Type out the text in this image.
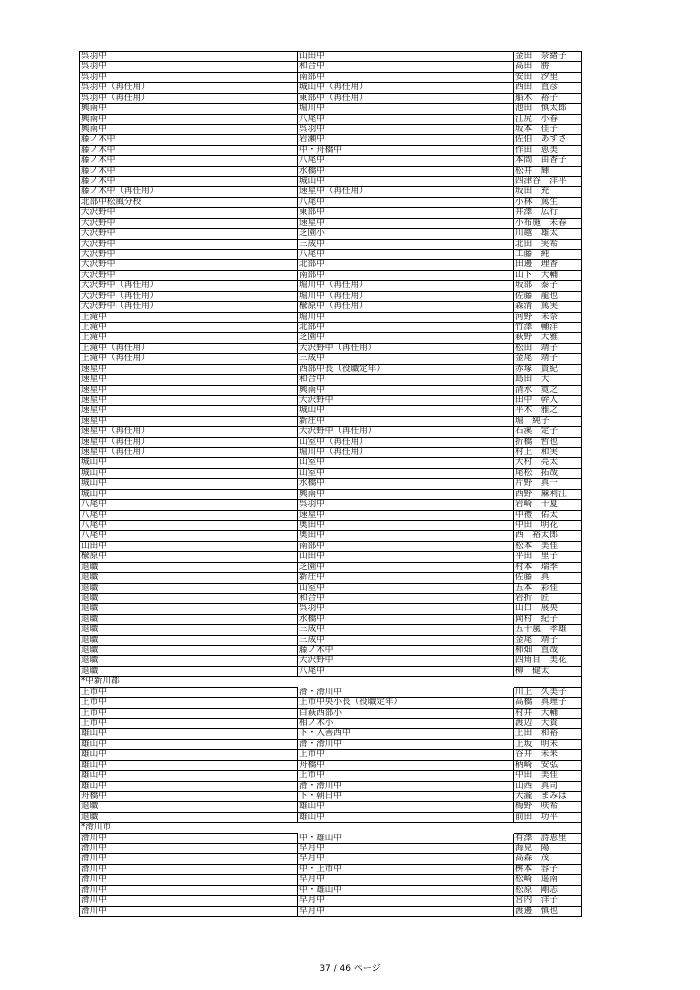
呉羽中	山田中	金田　奈緒子
呉羽中	和合中	高田　勝
呉羽中	南部中	安田　汐里
呉羽中（再任用）	城山中（再任用）	西田　直彦
呉羽中（再任用）	東部中（再任用）	船木　裕子
興南中	堀川中	池田　慎太郎
興南中	八尾中	江尻　小春
興南中	呉羽中	坂本　佳子
藤ノ木中	岩瀬中	佐伯　あずさ
藤ノ木中	中・舟橋中	作田　恵美
藤ノ木中	八尾中	本間　由香子
藤ノ木中	水橋中	松井　輝
藤ノ木中	城山中	四津谷　洋平
藤ノ木中（再任用）	速星中（再任用）	坂田　充
北部中松風分校	八尾中	小林　篤生
大沢野中	東部中	井澤　広行
大沢野中	速星中	小布施　未春
大沢野中	芝園小	川越　雄太
大沢野中	三成中	北田　実希
大沢野中	八尾中	工藤　純
大沢野中	北部中	田邊　理香
大沢野中	南部中	山下　大輔
大沢野中（再任用）	堀川中（再任用）	坂部　泰子
大沢野中（再任用）	堀川中（再任用）	佐藤　龍也
大沢野中（再任用）	楡原中（再任用）	森清　篤実
上滝中	堀川中	河野　未奈
上滝中	北部中	竹澤　輔洋
上滝中	芝園中	萩野　大雅
上滝中（再任用）	大沢野中（再任用）	松田　靖子
上滝中（再任用）	三成中	金尾　靖子
速星中	西部中長（役職定年）	赤塚　貴紀
速星中	和合中	島田　大
速星中	興南中	清水　寛之
速星中	大沢野中	田中　幹人
速星中	城山中	平木　雅之
速星中	新庄中	堀　純子
速星中（再任用）	大沢野中（再任用）	石溪　定子
速星中（再任用）	山室中（再任用）	折橋　哲也
速星中（再任用）	堀川中（再任用）	村上　和実
城山中	山室中	大村　亮太
城山中	山室中	尾松　拓哉
城山中	水橋中	片野　真一
城山中	興南中	西野　麻利江
八尾中	呉羽中	岩崎　千夏
八尾中	速星中	中禮　佑太
八尾中	奥田中	中田　明花
八尾中	奥田中	西　裕太郎
山田中	南部中	松本　美佳
楡原中	山田中	平田　里子
退職	芝園中	村本　瑞季
退職	新庄中	佐藤　真
退職	山室中	五本　彩佳
退職	和合中	岩折　匠
退職	呉羽中	山口　展央
退職	水橋中	岡村　紀子
退職	三成中	五十嵐　孝雄
退職	三成中	金尾　靖子
退職	藤ノ木中	柿畑　直哉
退職	大沢野中	四角目　美花
退職	八尾中	柳　健太
*中新川郡
上市中	滑・滑川中	川上　久美子
上市中	上市中央小長（役職定年）	高橋　真理子
上市中	白萩西部小	村井　大輔
上市中	相ノ木小	渡辺　大貴
雄山中	下・入善西中	上田　和裕
雄山中	滑・滑川中	上坂　明未
雄山中	上市中	谷井　未来
雄山中	舟橋中	柄崎　安弘
雄山中	上市中	中田　美佳
雄山中	滑・滑川中	山西　真司
舟橋中	下・朝日中	大瀧　まみは
退職	雄山中	梅野　咲希
退職	雄山中	前田　功平
*滑川市
滑川中	中・雄山中	有澤　詩恵里
滑川中	早月中	海見　陽
滑川中	早月中	高森　茂
滑川中	中・上市中	桝本　容子
滑川中	早月中	松崎　遥南
滑川中	中・雄山中	松原　剛志
滑川中	早月中	宮内　洋子
滑川中	早月中	渡邊　慎也
37 / 46 ページ
